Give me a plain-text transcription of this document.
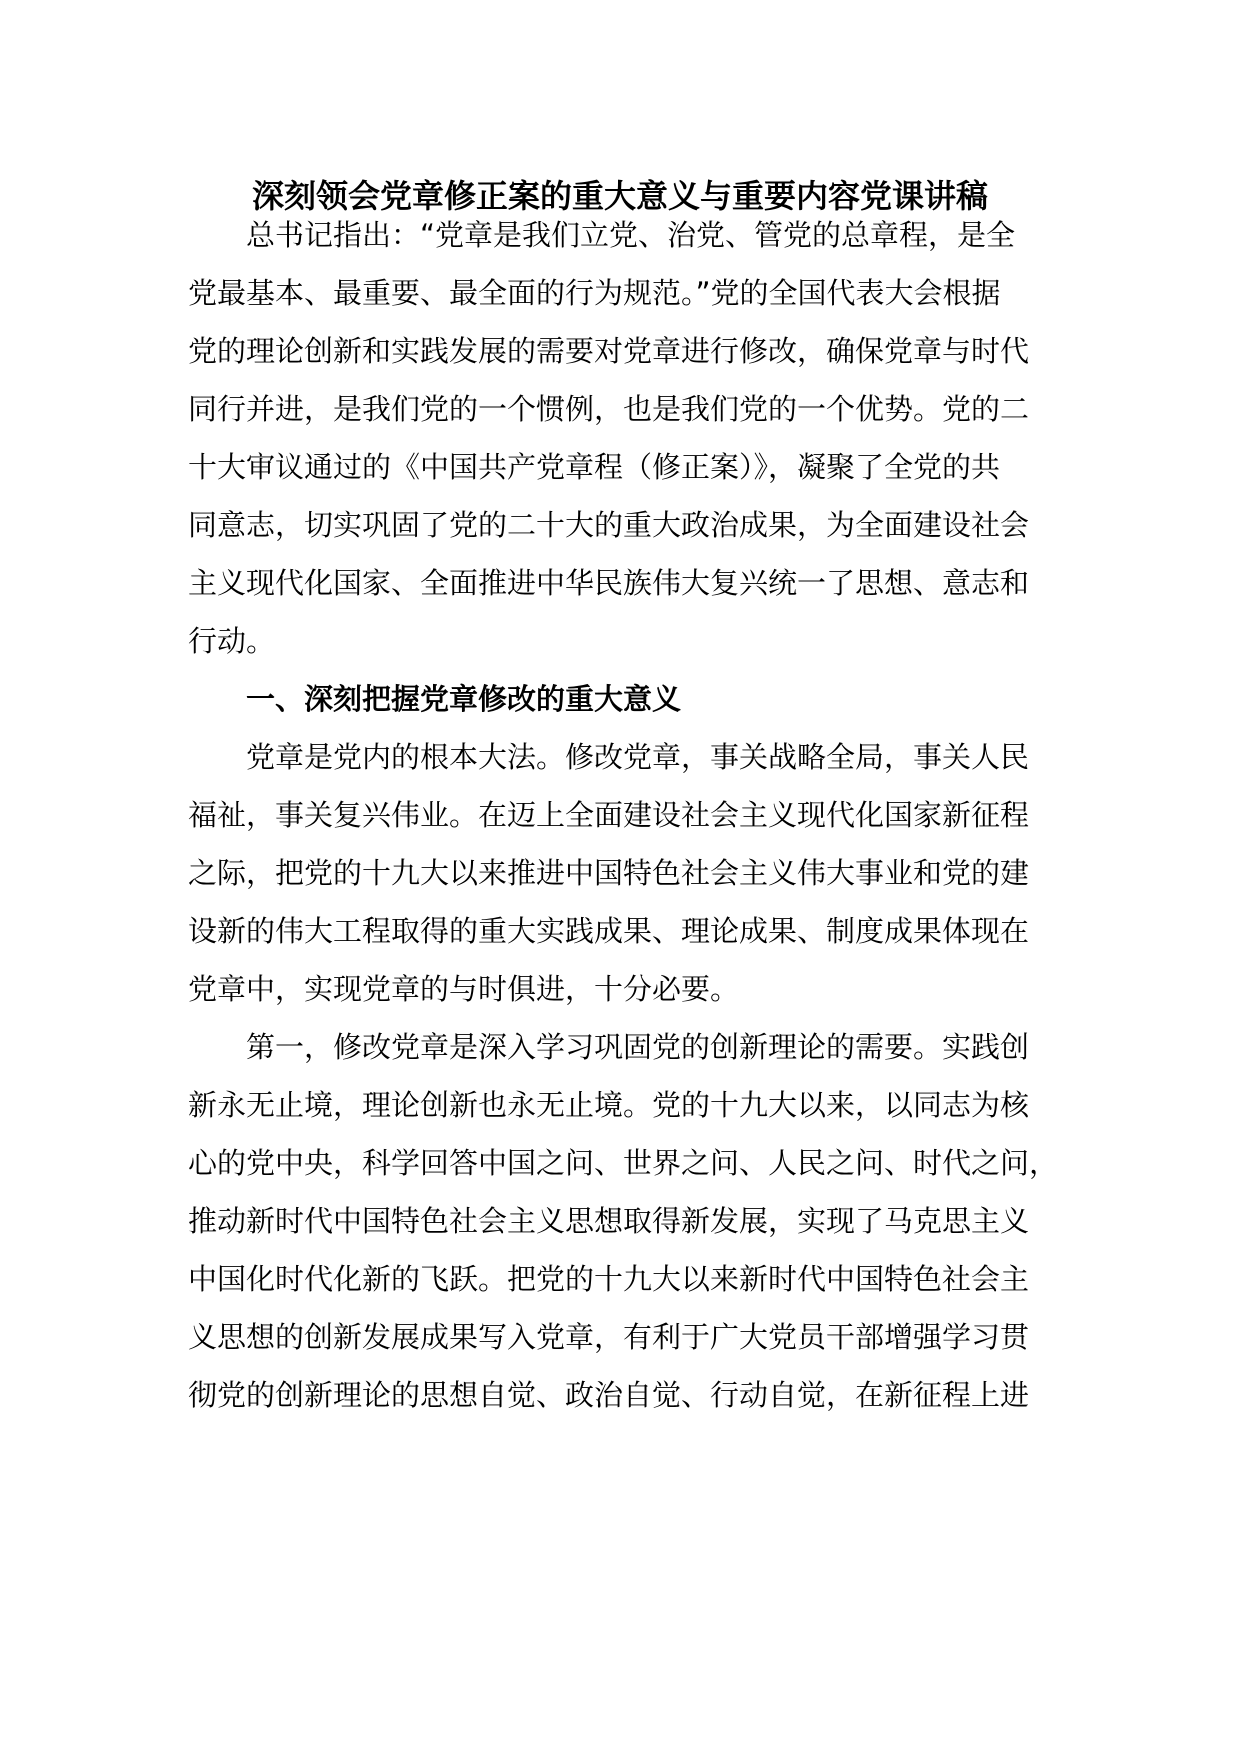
深刻领会党章修正案的重大意义与重要内容党课讲稿
总书记指出：“党章是我们立党、治党、管党的总章程，是全
党最基本、最重要、最全面的行为规范。”党的全国代表大会根据
党的理论创新和实践发展的需要对党章进行修改，确保党章与时代
同行并进，是我们党的一个惯例，也是我们党的一个优势。党的二
十大审议通过的《中国共产党章程（修正案）》，凝聚了全党的共
同意志，切实巩固了党的二十大的重大政治成果，为全面建设社会
主义现代化国家、全面推进中华民族伟大复兴统一了思想、意志和
行动。
一、深刻把握党章修改的重大意义
党章是党内的根本大法。修改党章，事关战略全局，事关人民
福祉，事关复兴伟业。在迈上全面建设社会主义现代化国家新征程
之际，把党的十九大以来推进中国特色社会主义伟大事业和党的建
设新的伟大工程取得的重大实践成果、理论成果、制度成果体现在
党章中，实现党章的与时俱进，十分必要。
第一，修改党章是深入学习巩固党的创新理论的需要。实践创
新永无止境，理论创新也永无止境。党的十九大以来，以同志为核
心的党中央，科学回答中国之问、世界之问、人民之问、时代之问，
推动新时代中国特色社会主义思想取得新发展，实现了马克思主义
中国化时代化新的飞跃。把党的十九大以来新时代中国特色社会主
义思想的创新发展成果写入党章，有利于广大党员干部增强学习贯
彻党的创新理论的思想自觉、政治自觉、行动自觉，在新征程上进
